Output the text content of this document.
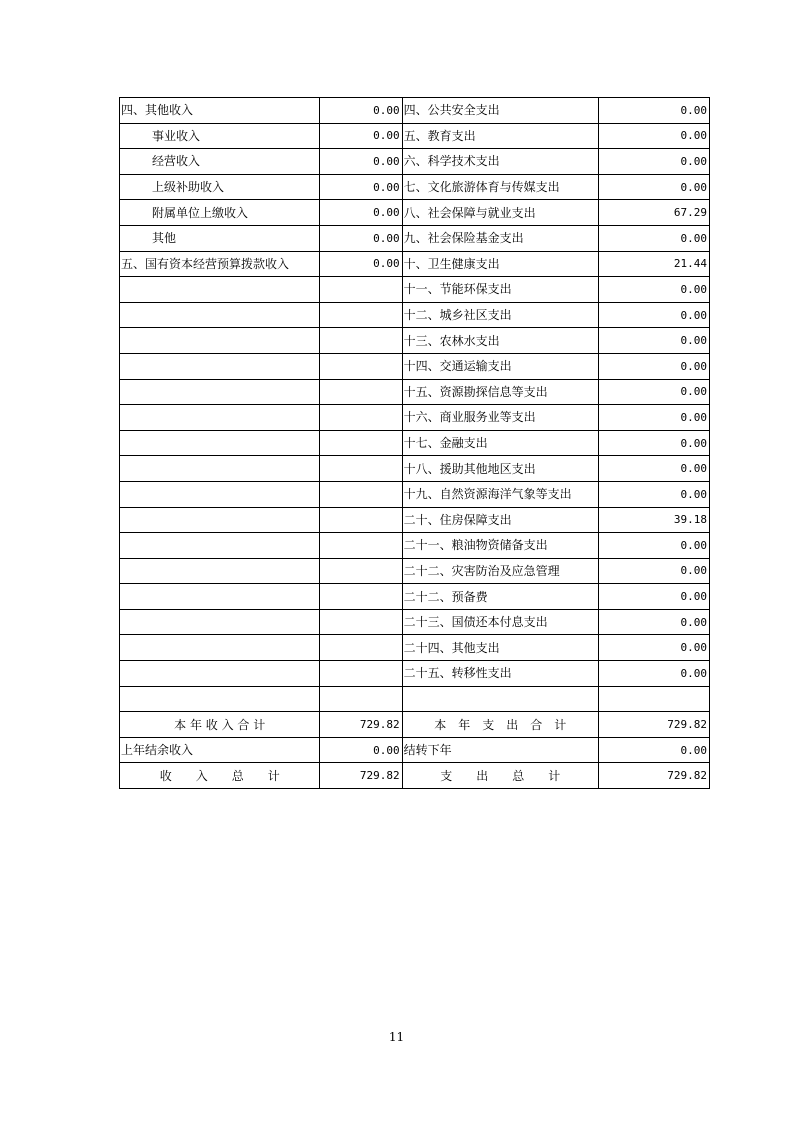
四、其他收入	0.00	四、公共安全支出	0.00
事业收入	0.00	五、教育支出	0.00
经营收入	0.00	六、科学技术支出	0.00
上级补助收入	0.00	七、文化旅游体育与传媒支出	0.00
附属单位上缴收入	0.00	八、社会保障与就业支出	67.29
其他	0.00	九、社会保险基金支出	0.00
五、国有资本经营预算拨款收入	0.00	十、卫生健康支出	21.44
		十一、节能环保支出	0.00
		十二、城乡社区支出	0.00
		十三、农林水支出	0.00
		十四、交通运输支出	0.00
		十五、资源勘探信息等支出	0.00
		十六、商业服务业等支出	0.00
		十七、金融支出	0.00
		十八、援助其他地区支出	0.00
		十九、自然资源海洋气象等支出	0.00
		二十、住房保障支出	39.18
		二十一、粮油物资储备支出	0.00
		二十二、灾害防治及应急管理	0.00
		二十二、预备费	0.00
		二十三、国债还本付息支出	0.00
		二十四、其他支出	0.00
		二十五、转移性支出	0.00

本 年 收 入 合 计	729.82	本　年　支　出　合　计	729.82
上年结余收入	0.00	结转下年	0.00
收　　入　　总　　计	729.82	支　　出　　总　　计	729.82
11
